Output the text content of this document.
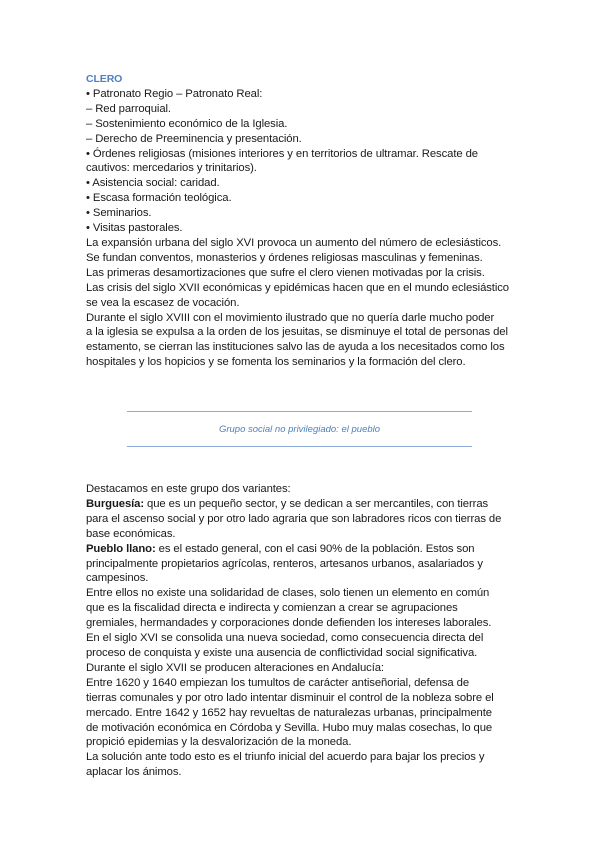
CLERO
• Patronato Regio – Patronato Real:
– Red parroquial.
– Sostenimiento económico de la Iglesia.
– Derecho de Preeminencia y presentación.
• Órdenes religiosas (misiones interiores y en territorios de ultramar. Rescate de
cautivos: mercedarios y trinitarios).
• Asistencia social: caridad.
• Escasa formación teológica.
• Seminarios.
• Visitas pastorales.
La expansión urbana del siglo XVI provoca un aumento del número de eclesiásticos.
Se fundan conventos, monasterios y órdenes religiosas masculinas y femeninas.
Las primeras desamortizaciones que sufre el clero vienen motivadas por la crisis.
Las crisis del siglo XVII económicas y epidémicas hacen que en el mundo eclesiástico
se vea la escasez de vocación.
Durante el siglo XVIII con el movimiento ilustrado que no quería darle mucho poder
a la iglesia se expulsa a la orden de los jesuitas, se disminuye el total de personas del
estamento, se cierran las instituciones salvo las de ayuda a los necesitados como los
hospitales y los hopicios y se fomenta los seminarios y la formación del clero.
Grupo social no privilegiado: el pueblo
Destacamos en este grupo dos variantes:
Burguesía: que es un pequeño sector, y se dedican a ser mercantiles, con tierras
para el ascenso social y por otro lado agraria que son labradores ricos con tierras de
base económicas.
Pueblo llano: es el estado general, con el casi 90% de la población. Estos son
principalmente propietarios agrícolas, renteros, artesanos urbanos, asalariados y
campesinos.
Entre ellos no existe una solidaridad de clases, solo tienen un elemento en común
que es la fiscalidad directa e indirecta y comienzan a crear se agrupaciones
gremiales, hermandades y corporaciones donde defienden los intereses laborales.
En el siglo XVI se consolida una nueva sociedad, como consecuencia directa del
proceso de conquista y existe una ausencia de conflictividad social significativa.
Durante el siglo XVII se producen alteraciones en Andalucía:
Entre 1620 y 1640 empiezan los tumultos de carácter antiseñorial, defensa de
tierras comunales y por otro lado intentar disminuir el control de la nobleza sobre el
mercado. Entre 1642 y 1652 hay revueltas de naturalezas urbanas, principalmente
de motivación económica en Córdoba y Sevilla. Hubo muy malas cosechas, lo que
propició epidemias y la desvalorización de la moneda.
La solución ante todo esto es el triunfo inicial del acuerdo para bajar los precios y
aplacar los ánimos.
